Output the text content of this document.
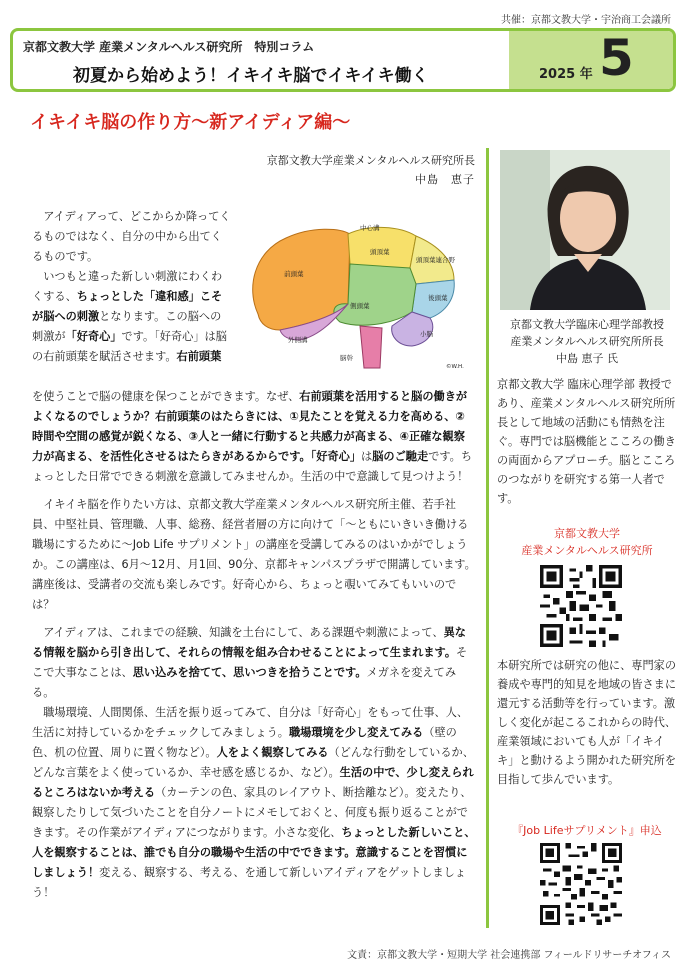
共催：京都文教大学・宇治商工会議所
京都文教大学 産業メンタルヘルス研究所　特別コラム
初夏から始めよう！イキイキ脳でイキイキ働く	2025 年 5
イキイキ脳の作り方～新アイディア編～
京都文教大学産業メンタルヘルス研究所長
中島　恵子
中心溝
頭頂葉
頭頂葉連合野
前頭葉
後頭葉
側頭葉
外側溝
小脳
脳幹
©W.H.
アイディアって、どこからか降ってくるものではなく、自分の中から出てくるものです。
いつもと違った新しい刺激にわくわくする、ちょっとした「違和感」こそが脳への刺激となります。この脳への刺激が「好奇心」です。「好奇心」は脳の右前頭葉を賦活させます。右前頭葉
を使うことで脳の健康を保つことができます。なぜ、右前頭葉を活用すると脳の働きがよくなるのでしょうか？右前頭葉のはたらきには、①見たことを覚える力を高める、②時間や空間の感覚が鋭くなる、③人と一緒に行動すると共感力が高まる、④正確な観察力が高まる、を活性化させるはたらきがあるからです。「好奇心」は脳のご馳走です。ちょっとした日常でできる刺激を意識してみませんか。生活の中で意識して見つけよう！
イキイキ脳を作りたい方は、京都文教大学産業メンタルヘルス研究所主催、若手社員、中堅社員、管理職、人事、総務、経営者層の方に向けて「～ともにいきいき働ける職場にするために～Job Life サプリメント」の講座を受講してみるのはいかがでしょうか。この講座は、6月～12月、月1回、90分、京都キャンパスプラザで開講しています。講座後は、受講者の交流も楽しみです。好奇心から、ちょっと覗いてみてもいいのでは？
アイディアは、これまでの経験、知識を土台にして、ある課題や刺激によって、異なる情報を脳から引き出して、それらの情報を組み合わせることによって生まれます。そこで大事なことは、思い込みを捨てて、思いつきを拾うことです。メガネを変えてみる。
職場環境、人間関係、生活を振り返ってみて、自分は「好奇心」をもって仕事、人、生活に対持しているかをチェックしてみましょう。職場環境を少し変えてみる（壁の色、机の位置、周りに置く物など）。人をよく観察してみる（どんな行動をしているか、どんな言葉をよく使っているか、幸せ感を感じるか、など）。生活の中で、少し変えられるところはないか考える（カーテンの色、家具のレイアウト、断捨離など）。変えたり、観察したりして気づいたことを自分ノートにメモしておくと、何度も振り返ることができます。その作業がアイディアにつながります。小さな変化、ちょっとした新しいこと、人を観察することは、誰でも自分の職場や生活の中でできます。意識することを習慣にしましょう！変える、観察する、考える、を通して新しいアイディアをゲットしましょう！
京都文教大学臨床心理学部教授
産業メンタルヘルス研究所所長
中島 恵子 氏
京都文教大学 臨床心理学部 教授であり、産業メンタルヘルス研究所所長として地域の活動にも情熱を注ぐ。専門では脳機能とこころの働きの両面からアプローチ。脳とこころのつながりを研究する第一人者です。
京都文教大学
産業メンタルヘルス研究所
本研究所では研究の他に、専門家の養成や専門的知見を地域の皆さまに還元する活動等を行っています。激しく変化が起こるこれからの時代、産業領域においても人が「イキイキ」と動けるよう開かれた研究所を目指して歩んでいます。
『Job Lifeサプリメント』申込
文責：京都文教大学・短期大学 社会連携部 フィールドリサーチオフィス
